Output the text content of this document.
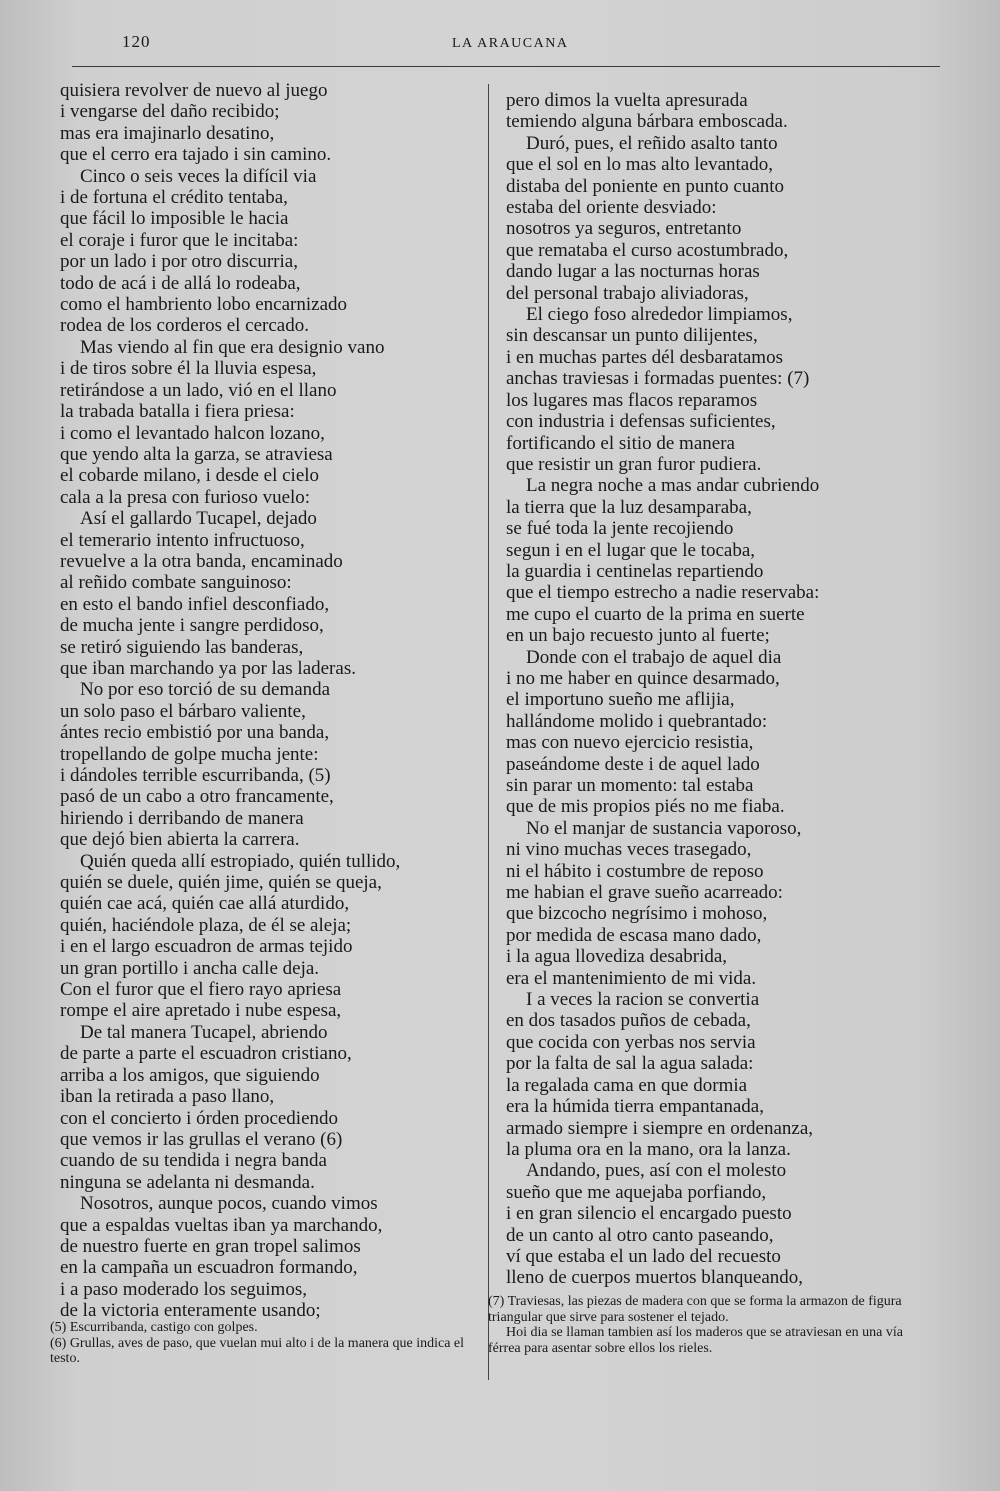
120	LA ARAUCANA
quisiera revolver de nuevo al juego
i vengarse del daño recibido;
mas era imajinarlo desatino,
que el cerro era tajado i sin camino.
Cinco o seis veces la difícil via
i de fortuna el crédito tentaba,
que fácil lo imposible le hacia
el coraje i furor que le incitaba:
por un lado i por otro discurria,
todo de acá i de allá lo rodeaba,
como el hambriento lobo encarnizado
rodea de los corderos el cercado.
Mas viendo al fin que era designio vano
i de tiros sobre él la lluvia espesa,
retirándose a un lado, vió en el llano
la trabada batalla i fiera priesa:
i como el levantado halcon lozano,
que yendo alta la garza, se atraviesa
el cobarde milano, i desde el cielo
cala a la presa con furioso vuelo:
Así el gallardo Tucapel, dejado
el temerario intento infructuoso,
revuelve a la otra banda, encaminado
al reñido combate sanguinoso:
en esto el bando infiel desconfiado,
de mucha jente i sangre perdidoso,
se retiró siguiendo las banderas,
que iban marchando ya por las laderas.
No por eso torció de su demanda
un solo paso el bárbaro valiente,
ántes recio embistió por una banda,
tropellando de golpe mucha jente:
i dándoles terrible escurribanda, (5)
pasó de un cabo a otro francamente,
hiriendo i derribando de manera
que dejó bien abierta la carrera.
Quién queda allí estropiado, quién tullido,
quién se duele, quién jime, quién se queja,
quién cae acá, quién cae allá aturdido,
quién, haciéndole plaza, de él se aleja;
i en el largo escuadron de armas tejido
un gran portillo i ancha calle deja.
Con el furor que el fiero rayo apriesa
rompe el aire apretado i nube espesa,
De tal manera Tucapel, abriendo
de parte a parte el escuadron cristiano,
arriba a los amigos, que siguiendo
iban la retirada a paso llano,
con el concierto i órden procediendo
que vemos ir las grullas el verano (6)
cuando de su tendida i negra banda
ninguna se adelanta ni desmanda.
Nosotros, aunque pocos, cuando vimos
que a espaldas vueltas iban ya marchando,
de nuestro fuerte en gran tropel salimos
en la campaña un escuadron formando,
i a paso moderado los seguimos,
de la victoria enteramente usando;
pero dimos la vuelta apresurada
temiendo alguna bárbara emboscada.
Duró, pues, el reñido asalto tanto
que el sol en lo mas alto levantado,
distaba del poniente en punto cuanto
estaba del oriente desviado:
nosotros ya seguros, entretanto
que remataba el curso acostumbrado,
dando lugar a las nocturnas horas
del personal trabajo aliviadoras,
El ciego foso alrededor limpiamos,
sin descansar un punto dilijentes,
i en muchas partes dél desbaratamos
anchas traviesas i formadas puentes: (7)
los lugares mas flacos reparamos
con industria i defensas suficientes,
fortificando el sitio de manera
que resistir un gran furor pudiera.
La negra noche a mas andar cubriendo
la tierra que la luz desamparaba,
se fué toda la jente recojiendo
segun i en el lugar que le tocaba,
la guardia i centinelas repartiendo
que el tiempo estrecho a nadie reservaba:
me cupo el cuarto de la prima en suerte
en un bajo recuesto junto al fuerte;
Donde con el trabajo de aquel dia
i no me haber en quince desarmado,
el importuno sueño me aflijia,
hallándome molido i quebrantado:
mas con nuevo ejercicio resistia,
paseándome deste i de aquel lado
sin parar un momento: tal estaba
que de mis propios piés no me fiaba.
No el manjar de sustancia vaporoso,
ni vino muchas veces trasegado,
ni el hábito i costumbre de reposo
me habian el grave sueño acarreado:
que bizcocho negrísimo i mohoso,
por medida de escasa mano dado,
i la agua llovediza desabrida,
era el mantenimiento de mi vida.
I a veces la racion se convertia
en dos tasados puños de cebada,
que cocida con yerbas nos servia
por la falta de sal la agua salada:
la regalada cama en que dormia
era la húmida tierra empantanada,
armado siempre i siempre en ordenanza,
la pluma ora en la mano, ora la lanza.
Andando, pues, así con el molesto
sueño que me aquejaba porfiando,
i en gran silencio el encargado puesto
de un canto al otro canto paseando,
ví que estaba el un lado del recuesto
lleno de cuerpos muertos blanqueando,

(5) Escurribanda, castigo con golpes.

(6) Grullas, aves de paso, que vuelan mui alto i de la manera que indica el testo.

(7) Traviesas, las piezas de madera con que se forma la armazon de figura triangular que sirve para sostener el tejado.

Hoi dia se llaman tambien así los maderos que se atraviesan en una vía férrea para asentar sobre ellos los rieles.
